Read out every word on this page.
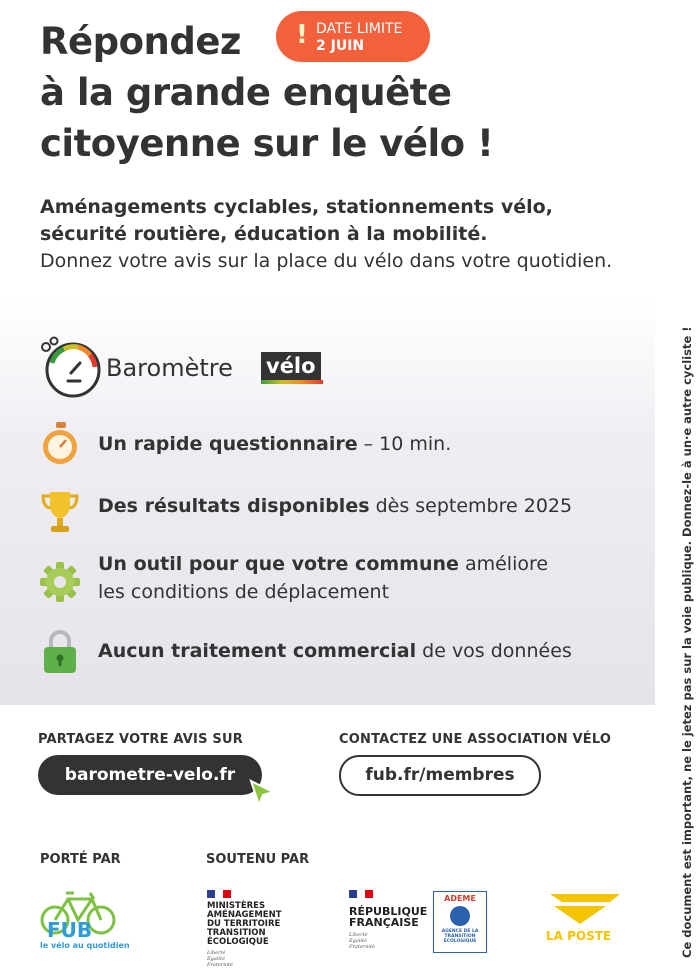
Répondez
à la grande enquête
citoyenne sur le vélo !
! DATE LIMITE
2 JUIN
Aménagements cyclables, stationnements vélo, sécurité routière, éducation à la mobilité.
Donnez votre avis sur la place du vélo dans votre quotidien.
Baromètre vélo
Un rapide questionnaire – 10 min.
Des résultats disponibles dès septembre 2025
Un outil pour que votre commune améliore les conditions de déplacement
Aucun traitement commercial de vos données
PARTAGEZ VOTRE AVIS SUR
barometre-velo.fr
CONTACTEZ UNE ASSOCIATION VÉLO
fub.fr/membres
PORTÉ PAR	SOUTENU PAR
FUB
le vélo au quotidien
MINISTÈRES
AMÉNAGEMENT
DU TERRITOIRE
TRANSITION
ÉCOLOGIQUE
Liberté
Égalité
Fraternité
RÉPUBLIQUE
FRANÇAISE
Liberté
Égalité
Fraternité
ADEME
AGENCE DE LA
TRANSITION
ÉCOLOGIQUE	LA POSTE	Ce document est important, ne le jetez pas sur la voie publique. Donnez-le à un·e autre cycliste !
